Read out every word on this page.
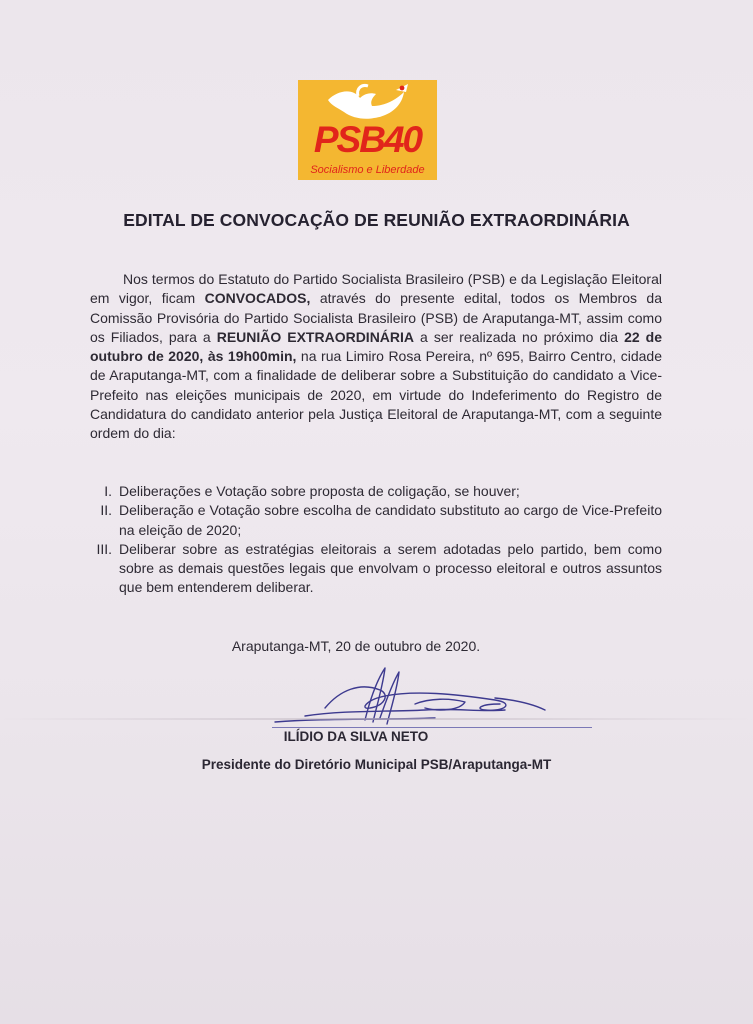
PSB40
Socialismo e Liberdade
EDITAL DE CONVOCAÇÃO DE REUNIÃO EXTRAORDINÁRIA

Nos termos do Estatuto do Partido Socialista Brasileiro (PSB) e da Legislação Eleitoral em vigor, ficam CONVOCADOS, através do presente edital, todos os Membros da Comissão Provisória do Partido Socialista Brasileiro (PSB) de Araputanga-MT, assim como os Filiados, para a REUNIÃO EXTRAORDINÁRIA a ser realizada no próximo dia 22 de outubro de 2020, às 19h00min, na rua Limiro Rosa Pereira, nº 695, Bairro Centro, cidade de Araputanga-MT, com a finalidade de deliberar sobre a Substituição do candidato a Vice-Prefeito nas eleições municipais de 2020, em virtude do Indeferimento do Registro de Candidatura do candidato anterior pela Justiça Eleitoral de Araputanga-MT, com a seguinte ordem do dia:

I. Deliberações e Votação sobre proposta de coligação, se houver;
II. Deliberação e Votação sobre escolha de candidato substituto ao cargo de Vice-Prefeito na eleição de 2020;
III. Deliberar sobre as estratégias eleitorais a serem adotadas pelo partido, bem como sobre as demais questões legais que envolvam o processo eleitoral e outros assuntos que bem entenderem deliberar.
Araputanga-MT, 20 de outubro de 2020.
ILÍDIO DA SILVA NETO
Presidente do Diretório Municipal PSB/Araputanga-MT
